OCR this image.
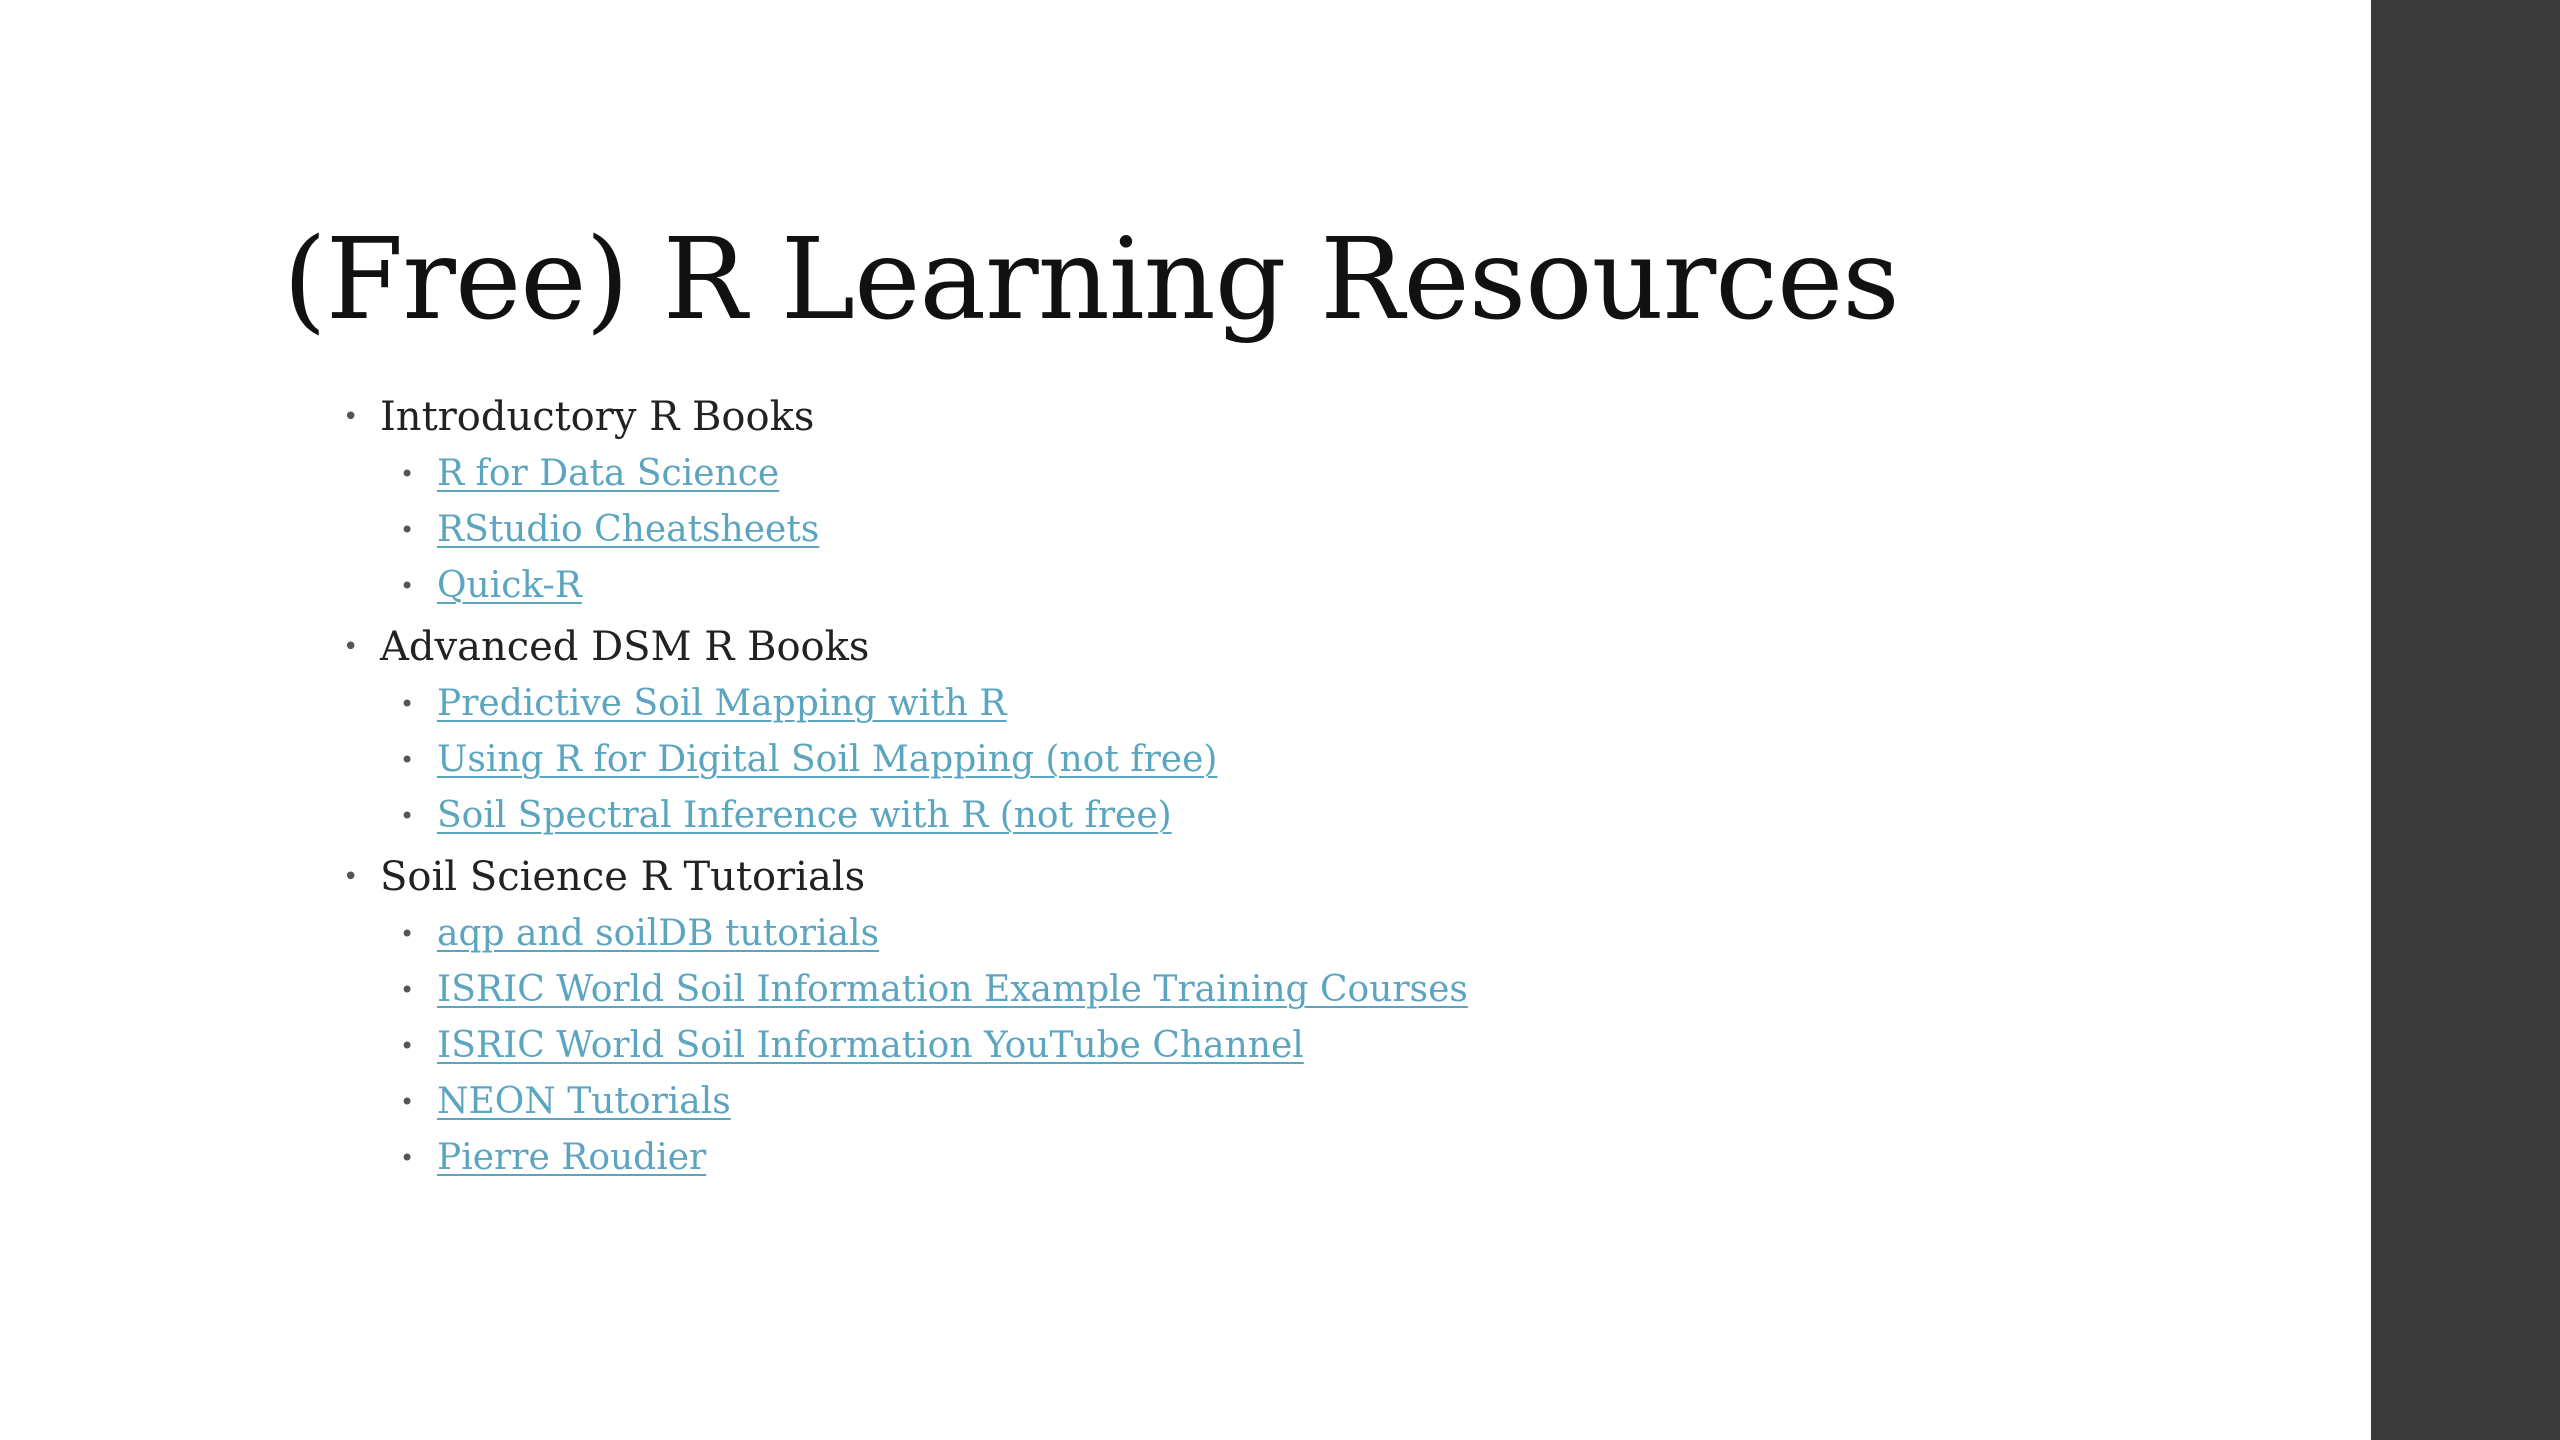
(Free) R Learning Resources
• Introductory R Books
• R for Data Science
• RStudio Cheatsheets
• Quick-R
• Advanced DSM R Books
• Predictive Soil Mapping with R
• Using R for Digital Soil Mapping (not free)
• Soil Spectral Inference with R (not free)
• Soil Science R Tutorials
• aqp and soilDB tutorials
• ISRIC World Soil Information Example Training Courses
• ISRIC World Soil Information YouTube Channel
• NEON Tutorials
• Pierre Roudier
